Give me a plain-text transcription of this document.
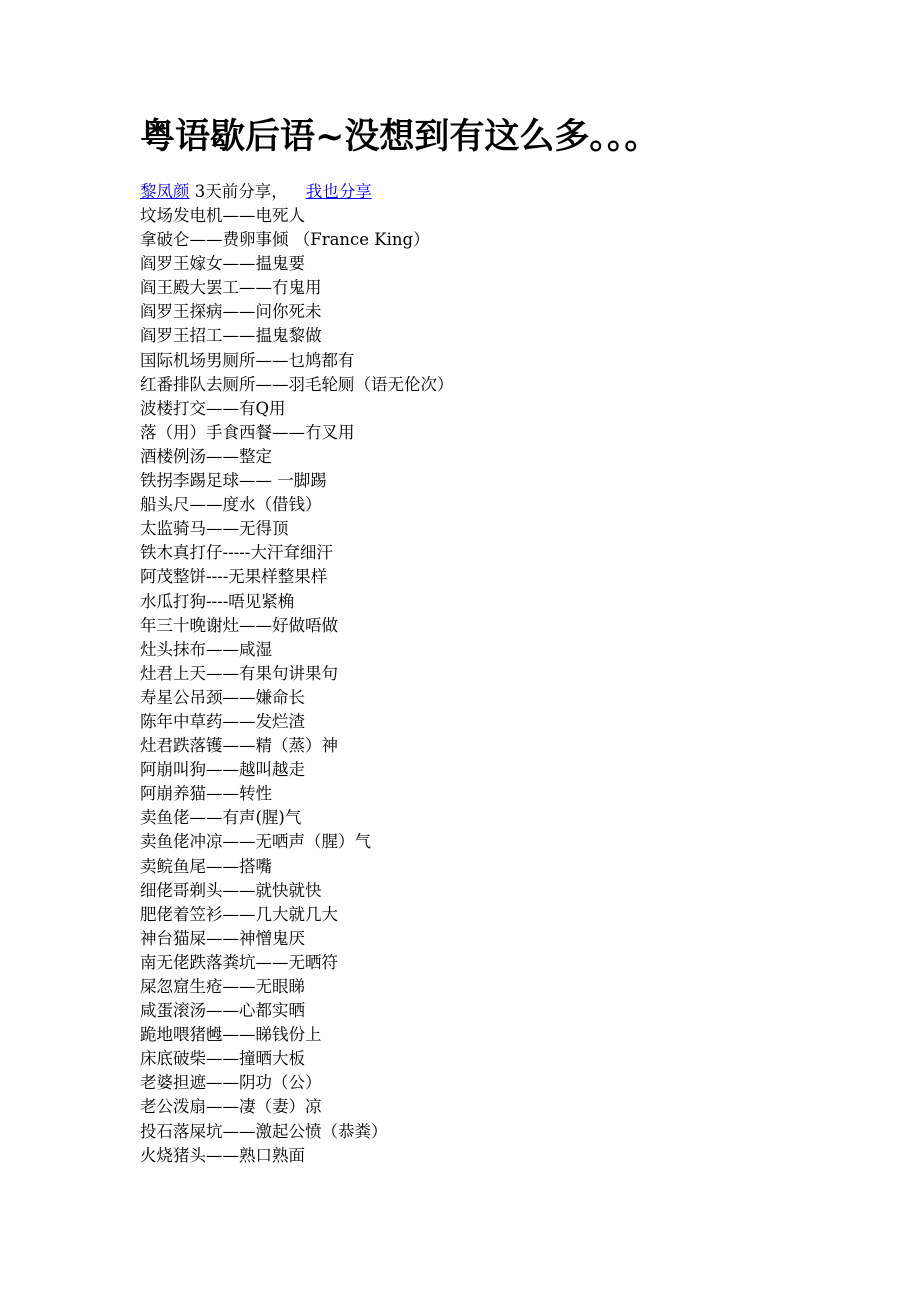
粤语歇后语~没想到有这么多。。。
黎凤颜 3天前分享， 我也分享
坟场发电机——电死人
拿破仑——费卵事倾 （France King）
阎罗王嫁女——揾鬼要
阎王殿大罢工——冇鬼用
阎罗王探病——问你死未
阎罗王招工——揾鬼黎做
国际机场男厕所——乜鸠都有
红番排队去厕所——羽毛轮厕（语无伦次）
波楼打交——有Q用
落（用）手食西餐——冇叉用
酒楼例汤——整定
铁拐李踢足球—— 一脚踢
船头尺——度水（借钱）
太监骑马——无得顶
铁木真打仔-----大汗耷细汗
阿茂整饼----无果样整果样
水瓜打狗----唔见紧桷
年三十晚谢灶——好做唔做
灶头抹布——咸湿
灶君上天——有果句讲果句
寿星公吊颈——嫌命长
陈年中草药——发烂渣
灶君跌落镬——精（蒸）神
阿崩叫狗——越叫越走
阿崩养猫——转性
卖鱼佬——有声(腥)气
卖鱼佬冲凉——无哂声（腥）气
卖鲩鱼尾——搭嘴
细佬哥剃头——就快就快
肥佬着笠衫——几大就几大
神台猫屎——神憎鬼厌
南无佬跌落粪坑——无晒符
屎忽窟生疮——无眼睇
咸蛋滚汤——心都实晒
跪地喂猪乸——睇钱份上
床底破柴——撞晒大板
老婆担遮——阴功（公）
老公泼扇——凄（妻）凉
投石落屎坑——激起公愤（恭粪）
火烧猪头——熟口熟面
